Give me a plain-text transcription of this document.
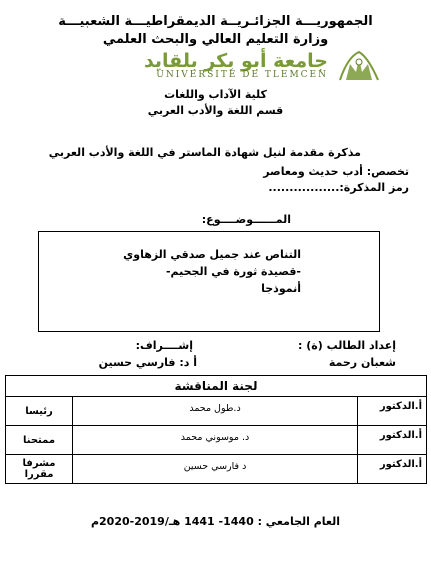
الجمهوريـــة الجزائـريــة الديمقراطيـــة الشعبيـــة
وزارة التعليم العالي والبحث العلمي
جامعة أبو بكر بلقايد
UNIVERSITÉ DE TLEMCEN
كلية الآداب واللغات
قسم اللغة والأدب العربي
مذكرة مقدمة لنيل شهادة الماستر في اللغة والأدب العربي
تخصص: أدب حديث ومعاصر
رمز المذكرة:.................
المــــــوضــــوع:
التناص عند جميل صدقي الزهاوي
-قصيدة ثورة في الجحيم-
أنموذجا
إعداد الطالب (ة) :
شعبان رحمة
إشــــراف:
أ د: فارسي حسين
لجنة المناقشة		
أ.الدكتور	د.طول محمد	رئيسا
أ.الدكتور	د. موسوني محمد	ممتحنا
أ.الدكتور	د فارسي حسين	مشرفا مقررا
العام الجامعي : 1440- 1441 هـ/2019-2020م
